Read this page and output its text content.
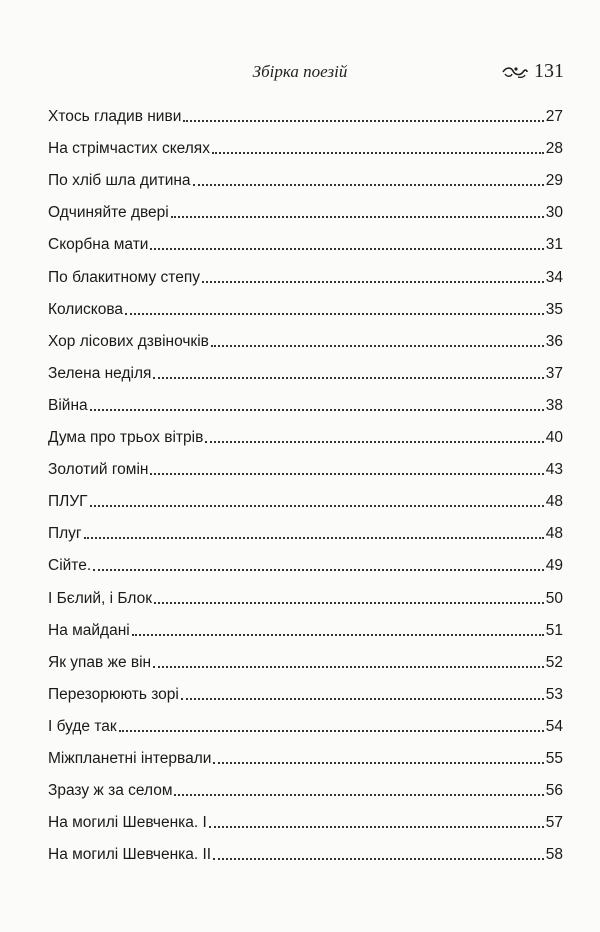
Збірка поезій	131
Хтось гладив ниви	27
На стрімчастих скелях	28
По хліб шла дитина	29
Одчиняйте двері	30
Скорбна мати	31
По блакитному степу	34
Колискова	35
Хор лісових дзвіночків	36
Зелена неділя	37
Війна	38
Дума про трьох вітрів	40
Золотий гомін	43
ПЛУГ	48
Плуг	48
Сійте.	49
І Бєлий, і Блок	50
На майдані	51
Як упав же він	52
Перезорюють зорі	53
І буде так	54
Міжпланетні інтервали	55
Зразу ж за селом	56
На могилі Шевченка. І	57
На могилі Шевченка. II	58
